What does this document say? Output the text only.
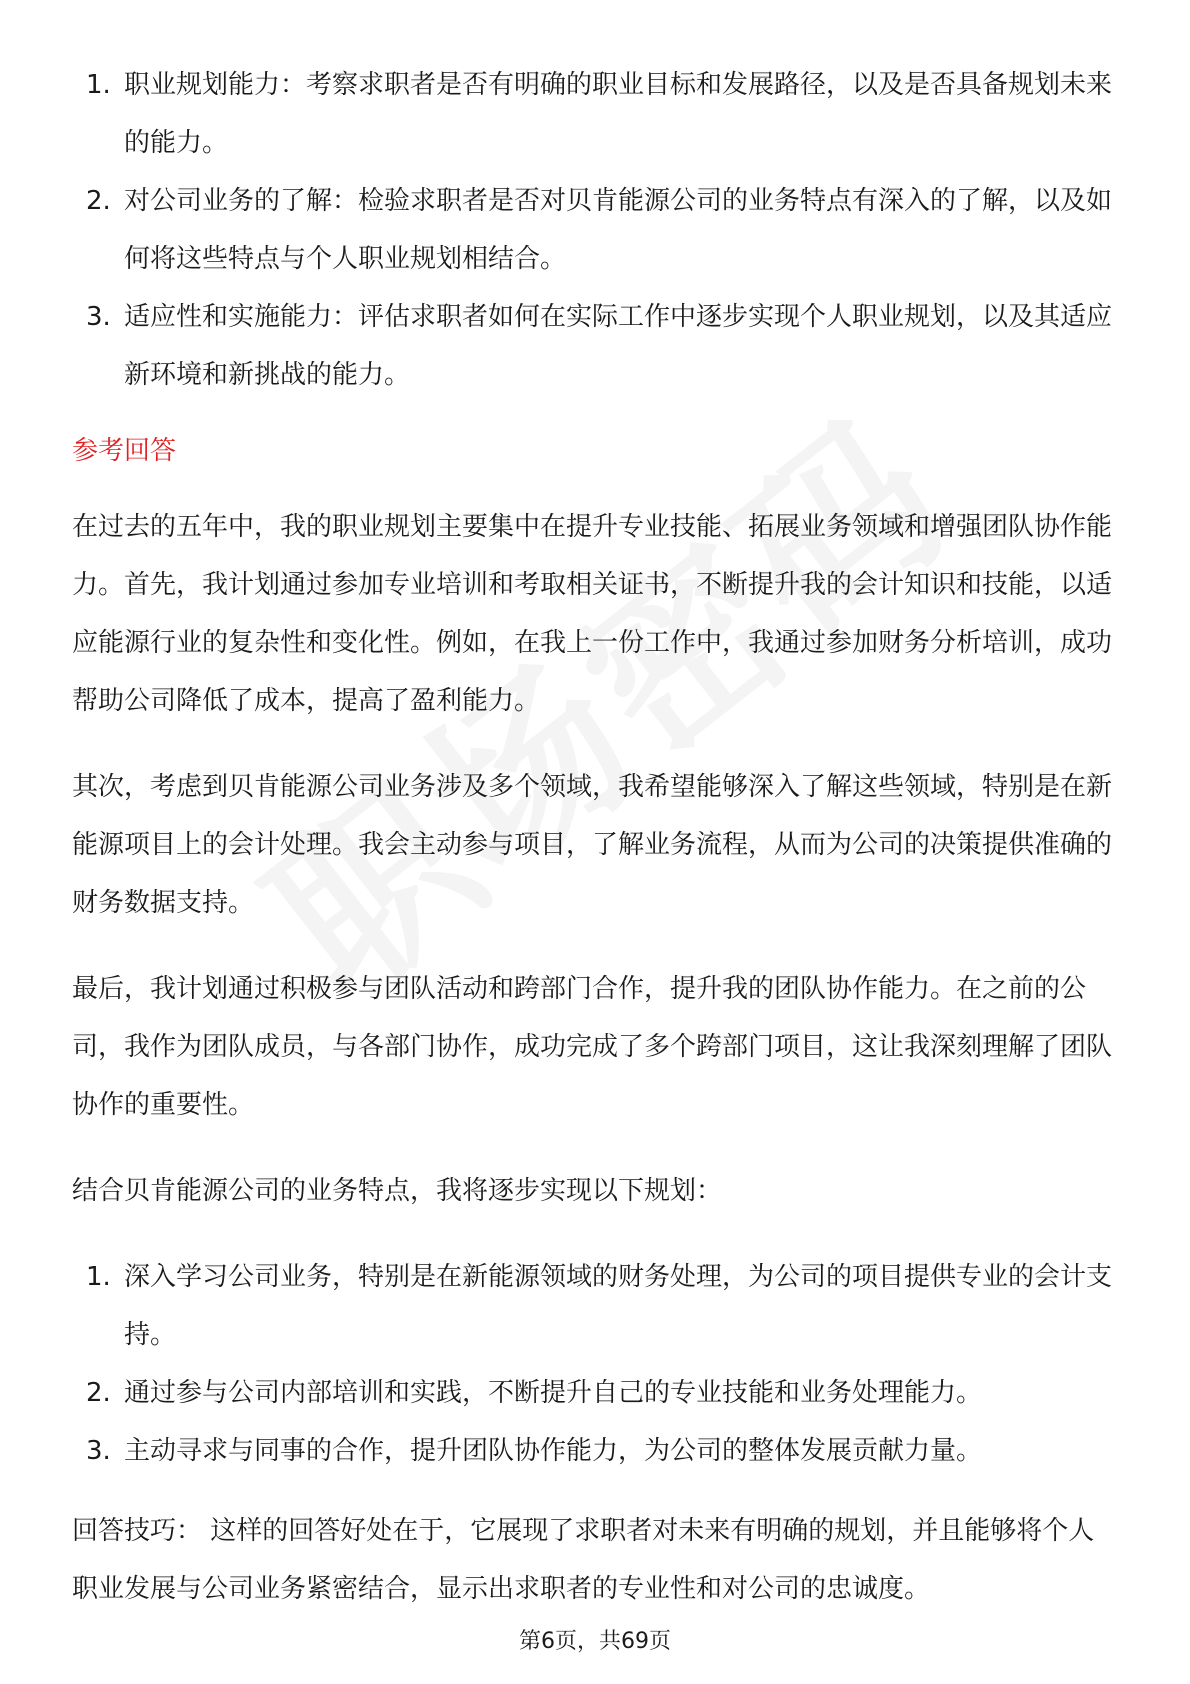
1. 职业规划能力：考察求职者是否有明确的职业目标和发展路径，以及是否具备规划未来的能力。
2. 对公司业务的了解：检验求职者是否对贝肯能源公司的业务特点有深入的了解，以及如何将这些特点与个人职业规划相结合。
3. 适应性和实施能力：评估求职者如何在实际工作中逐步实现个人职业规划，以及其适应新环境和新挑战的能力。
参考回答

在过去的五年中，我的职业规划主要集中在提升专业技能、拓展业务领域和增强团队协作能力。首先，我计划通过参加专业培训和考取相关证书，不断提升我的会计知识和技能，以适应能源行业的复杂性和变化性。例如，在我上一份工作中，我通过参加财务分析培训，成功帮助公司降低了成本，提高了盈利能力。

其次，考虑到贝肯能源公司业务涉及多个领域，我希望能够深入了解这些领域，特别是在新能源项目上的会计处理。我会主动参与项目，了解业务流程，从而为公司的决策提供准确的财务数据支持。

最后，我计划通过积极参与团队活动和跨部门合作，提升我的团队协作能力。在之前的公司，我作为团队成员，与各部门协作，成功完成了多个跨部门项目，这让我深刻理解了团队协作的重要性。

结合贝肯能源公司的业务特点，我将逐步实现以下规划：

1. 深入学习公司业务，特别是在新能源领域的财务处理，为公司的项目提供专业的会计支持。
2. 通过参与公司内部培训和实践，不断提升自己的专业技能和业务处理能力。
3. 主动寻求与同事的合作，提升团队协作能力，为公司的整体发展贡献力量。

回答技巧： 这样的回答好处在于，它展现了求职者对未来有明确的规划，并且能够将个人职业发展与公司业务紧密结合，显示出求职者的专业性和对公司的忠诚度。

第6页，共69页
